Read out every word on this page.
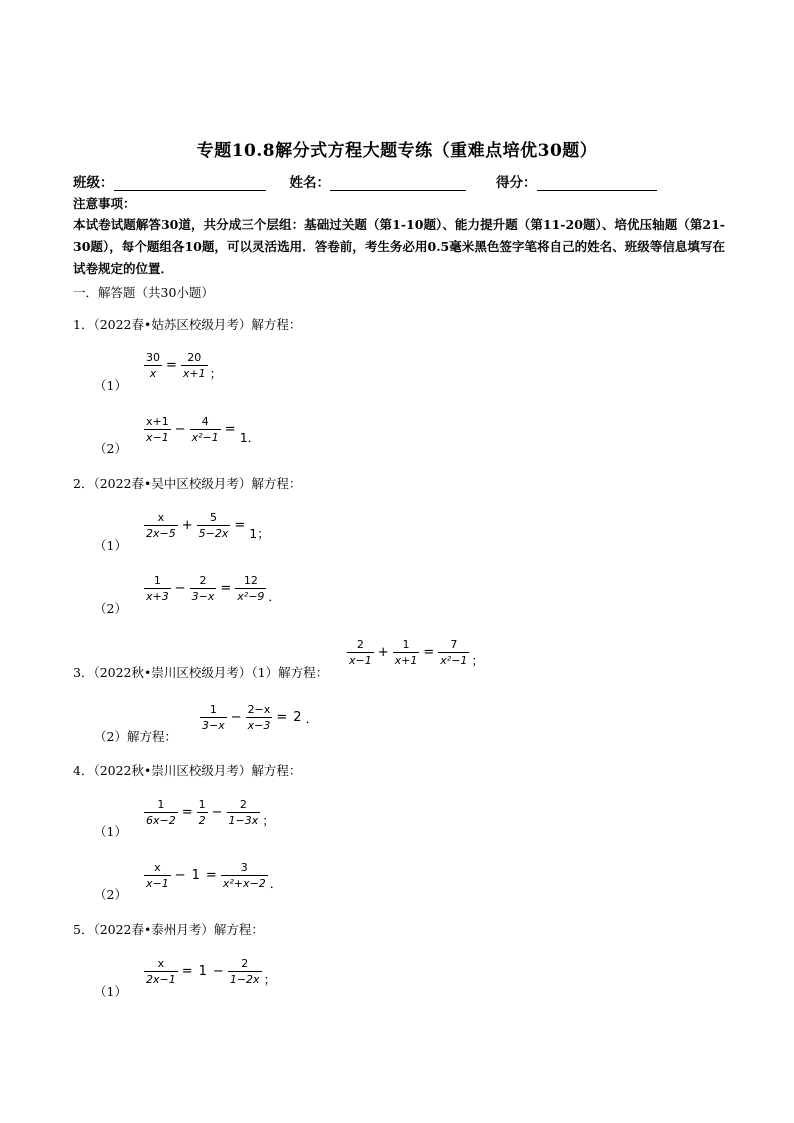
专题10.8解分式方程大题专练（重难点培优30题）
班级：	姓名：	得分：
注意事项：
本试卷试题解答30道，共分成三个层组：基础过关题（第1-10题）、能力提升题（第11-20题）、培优压轴题（第21-30题），每个题组各10题，可以灵活选用．答卷前，考生务必用0.5毫米黑色签字笔将自己的姓名、班级等信息填写在试卷规定的位置．
一．解答题（共30小题）
1．（2022春•姑苏区校级月考）解方程：
（1）
$\frac{30}{x} = \frac{20}{x+1}$ ；
（2）
$\frac{x+1}{x-1} - \frac{4}{\text{x²−1}} = 1$．
2．（2022春•吴中区校级月考）解方程：
（1）
$\frac{x}{2x-5} + \frac{5}{5-2x} = 1$；
（2）
$\frac{1}{x+3} - \frac{2}{3-x} = \frac{12}{\text{x²−9}}$ ．
3．（2022秋•崇川区校级月考）（1）解方程：
$\frac{2}{x-1} + \frac{1}{x+1} = \frac{7}{\text{x²−1}}$ ；
（2）解方程：
$\frac{1}{3-x} - \frac{2-x}{x-3} = 2$ ．
4．（2022秋•崇川区校级月考）解方程：
（1）
$\frac{1}{6x-2} = \frac{1}{2} - \frac{2}{1-3x}$ ；
（2）
$\frac{x}{x-1} - 1 = \frac{3}{\text{x²+x−2}}$ ．
5．（2022春•泰州月考）解方程：
（1）
$\frac{x}{2x-1} = 1 - \frac{2}{1-2x}$ ；
